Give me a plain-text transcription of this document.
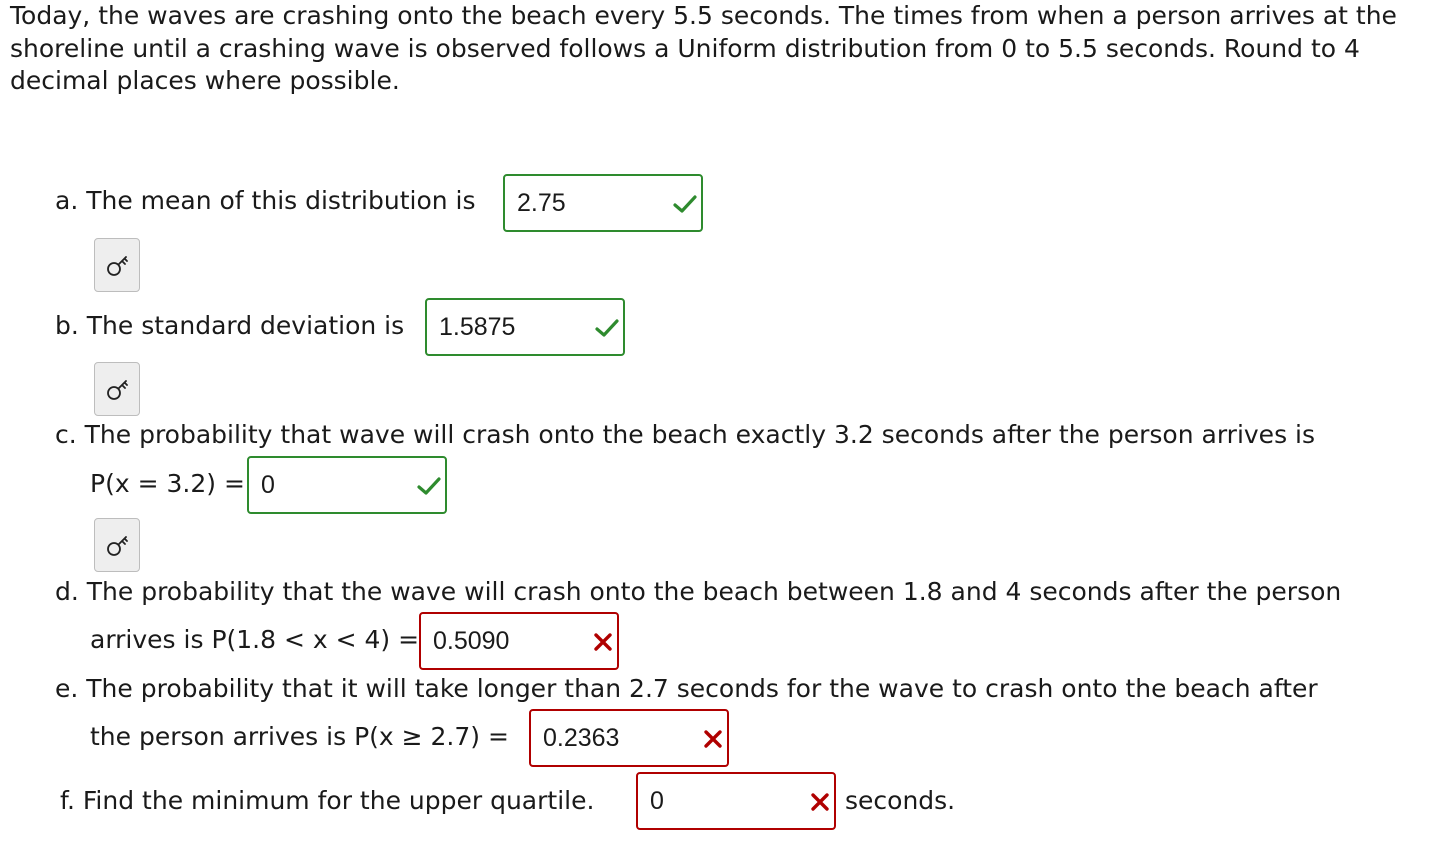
Today, the waves are crashing onto the beach every 5.5 seconds. The times from when a person arrives at the shoreline until a crashing wave is observed follows a Uniform distribution from 0 to 5.5 seconds. Round to 4 decimal places where possible.
a. The mean of this distribution is
2.75
b. The standard deviation is
1.5875
c. The probability that wave will crash onto the beach exactly 3.2 seconds after the person arrives is
P(x = 3.2) =
0
d. The probability that the wave will crash onto the beach between 1.8 and 4 seconds after the person
arrives is P(1.8 < x < 4) =
0.5090
e. The probability that it will take longer than 2.7 seconds for the wave to crash onto the beach after
the person arrives is P(x ≥ 2.7) =
0.2363
f. Find the minimum for the upper quartile.
0	seconds.
